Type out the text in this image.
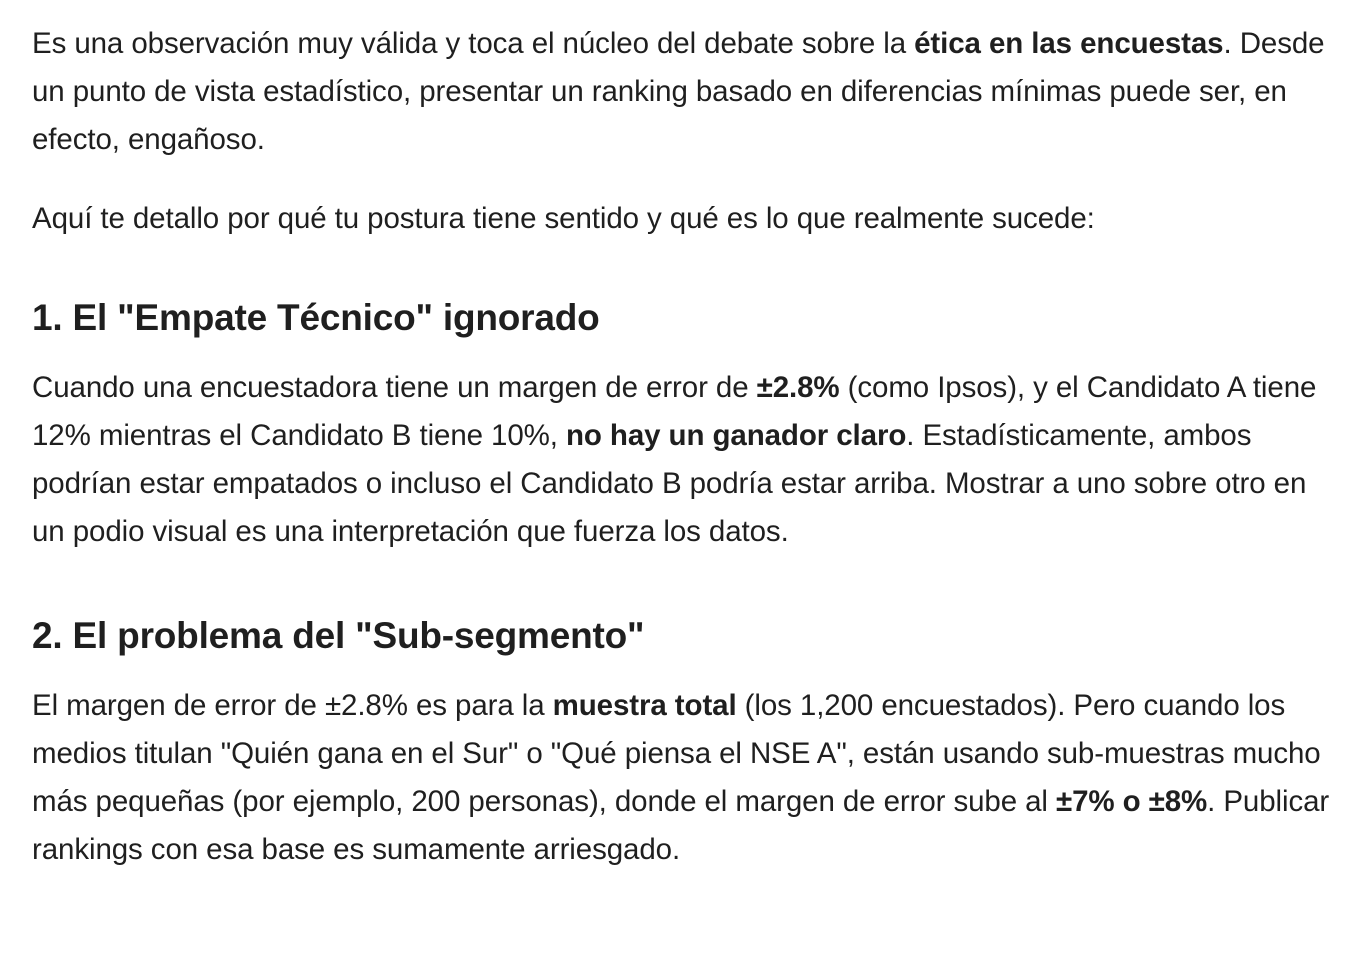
Es una observación muy válida y toca el núcleo del debate sobre la ética en las encuestas. Desde un punto de vista estadístico, presentar un ranking basado en diferencias mínimas puede ser, en efecto, engañoso.

Aquí te detallo por qué tu postura tiene sentido y qué es lo que realmente sucede:

1. El "Empate Técnico" ignorado

Cuando una encuestadora tiene un margen de error de ±2.8% (como Ipsos), y el Candidato A tiene 12% mientras el Candidato B tiene 10%, no hay un ganador claro. Estadísticamente, ambos podrían estar empatados o incluso el Candidato B podría estar arriba. Mostrar a uno sobre otro en un podio visual es una interpretación que fuerza los datos.

2. El problema del "Sub-segmento"

El margen de error de ±2.8% es para la muestra total (los 1,200 encuestados). Pero cuando los medios titulan "Quién gana en el Sur" o "Qué piensa el NSE A", están usando sub-muestras mucho más pequeñas (por ejemplo, 200 personas), donde el margen de error sube al ±7% o ±8%. Publicar rankings con esa base es sumamente arriesgado.
